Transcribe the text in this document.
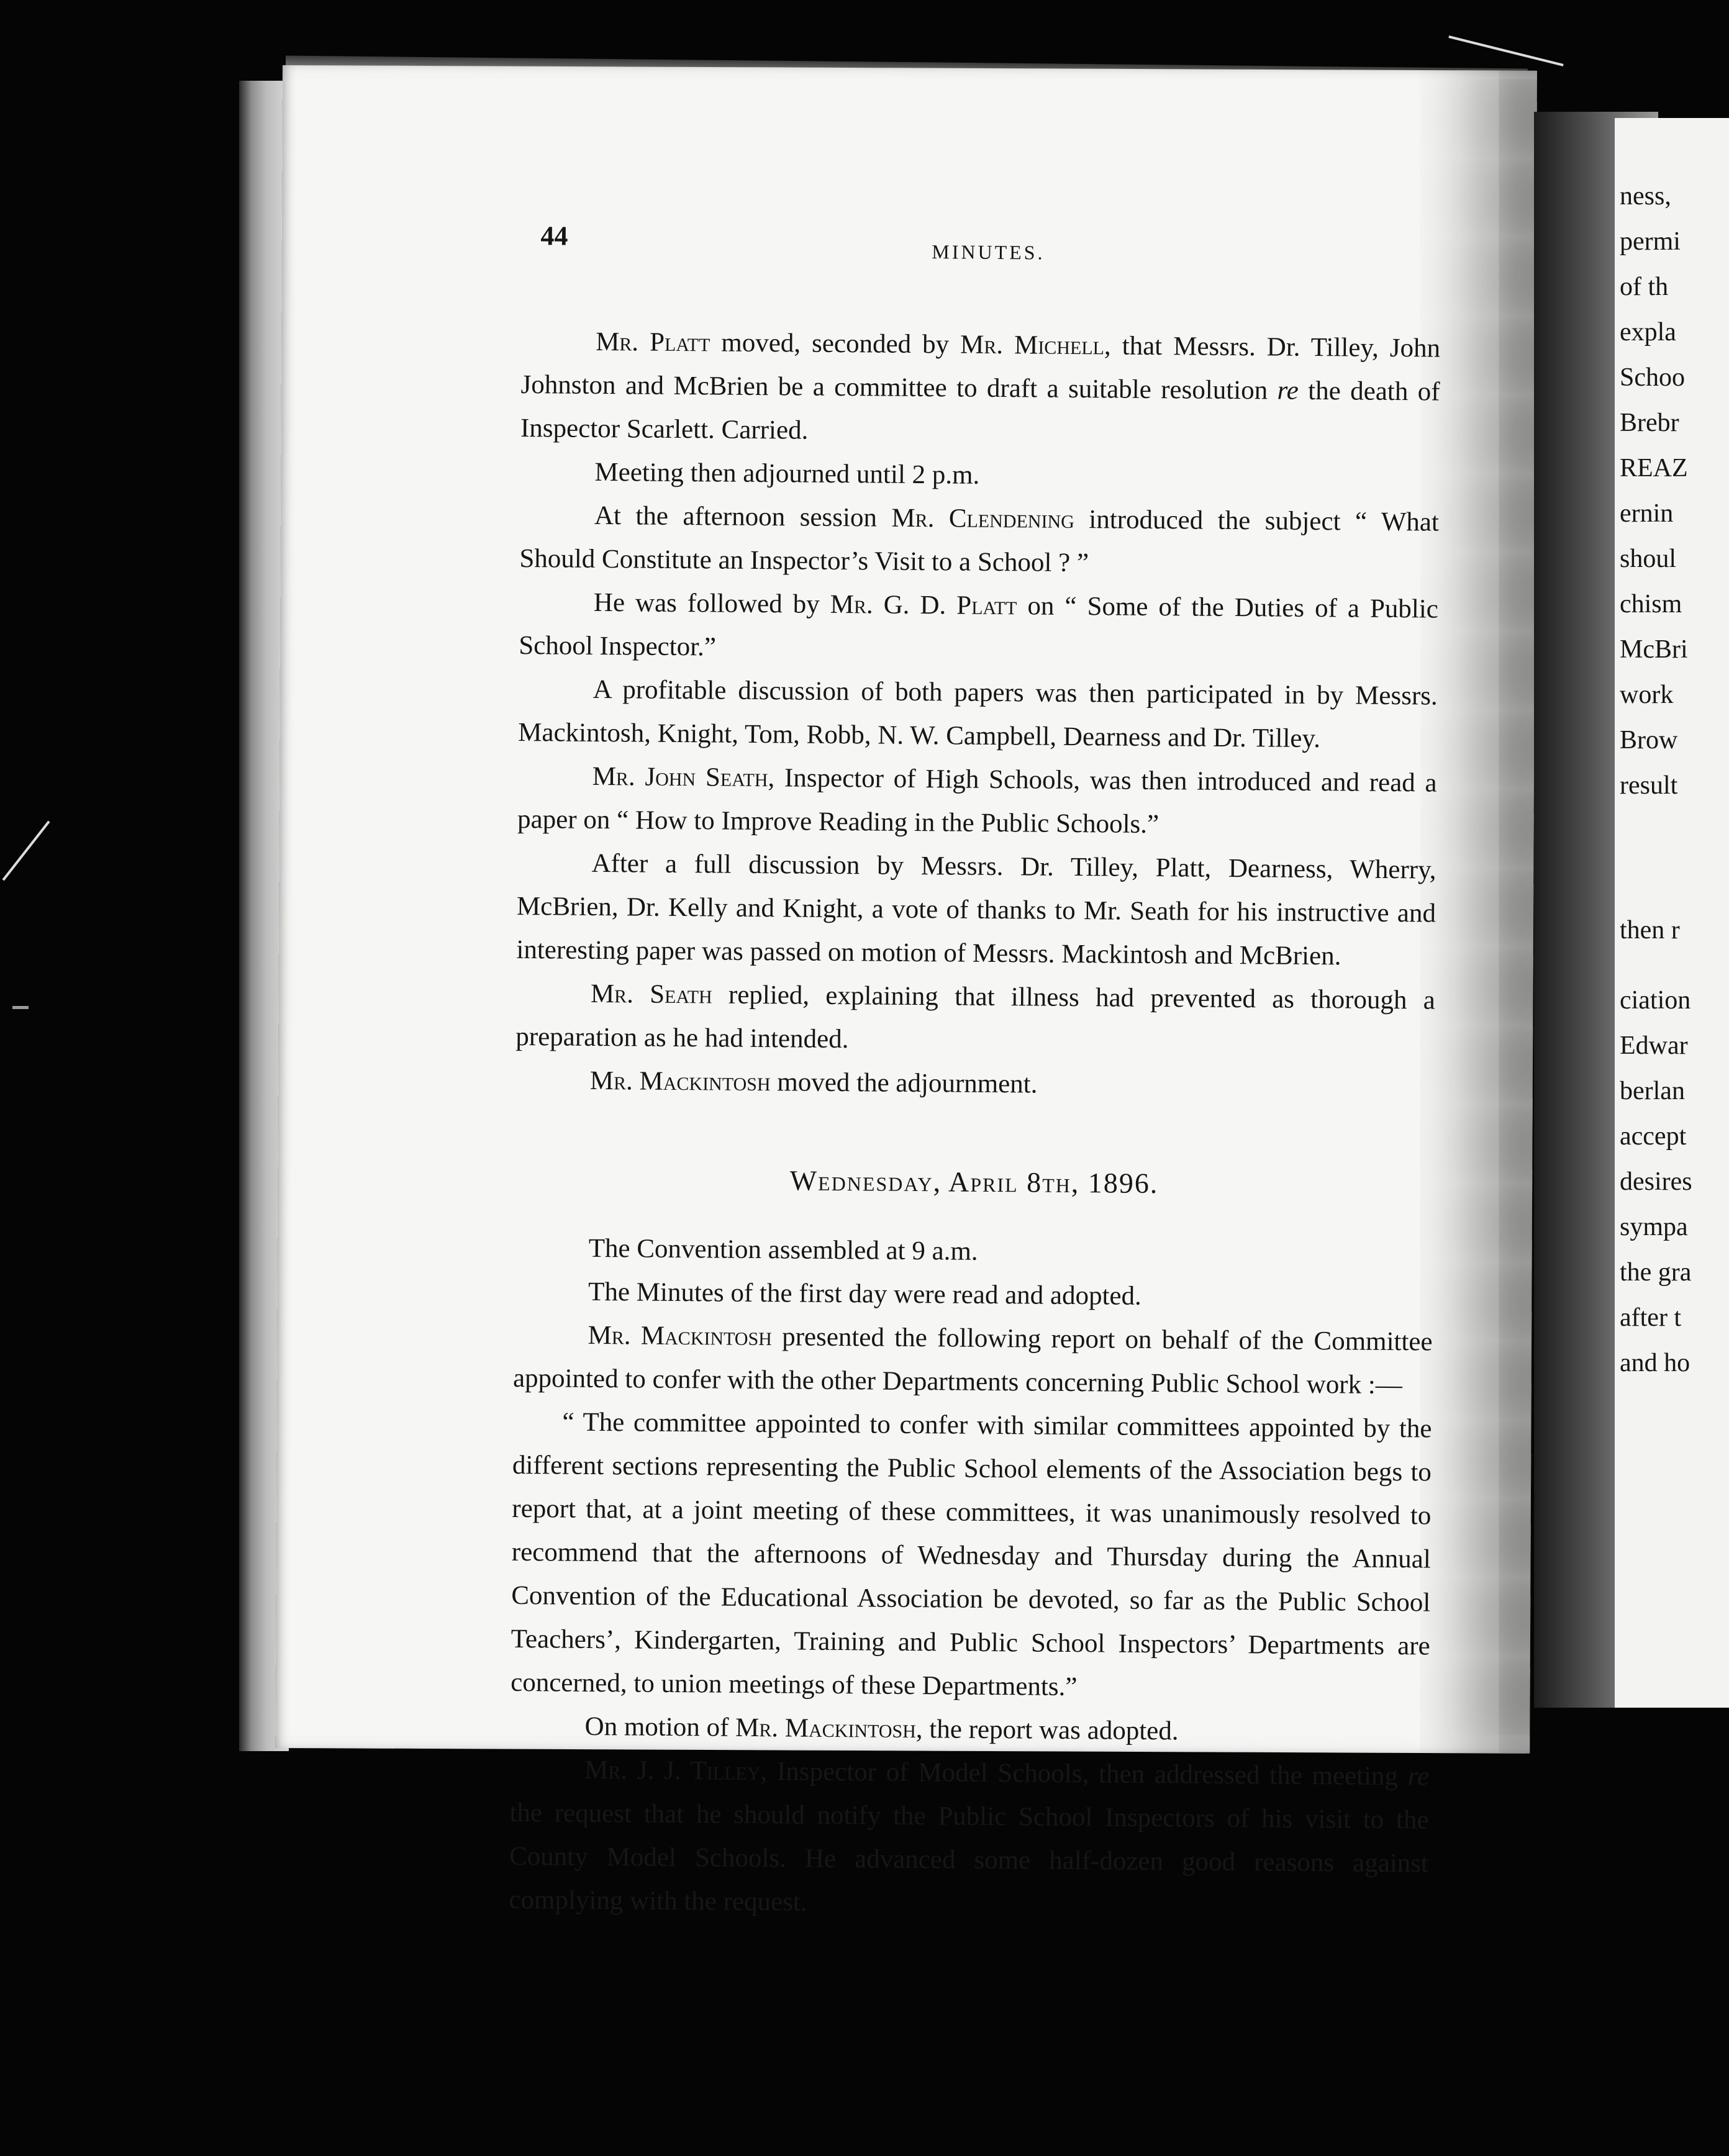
ness,
permi
of th
expla
Schoo
Brebr
REAZ
ernin
shoul
chism
McBri
work
Brow
result
then r
ciation
Edwar
berlan
accept
desires
sympa
the gra
after t
and ho
44
MINUTES.

Mr. Platt moved, seconded by Mr. Michell, that Messrs. Dr. Tilley, John Johnston and McBrien be a committee to draft a suitable resolution re the death of Inspector Scarlett. Carried.

Meeting then adjourned until 2 p.m.

At the afternoon session Mr. Clendening introduced the subject “ What Should Constitute an Inspector’s Visit to a School ? ”

He was followed by Mr. G. D. Platt on “ Some of the Duties of a Public School Inspector.”

A profitable discussion of both papers was then participated in by Messrs. Mackintosh, Knight, Tom, Robb, N. W. Campbell, Dearness and Dr. Tilley.

Mr. John Seath, Inspector of High Schools, was then introduced and read a paper on “ How to Improve Reading in the Public Schools.”

After a full discussion by Messrs. Dr. Tilley, Platt, Dearness, Wherry, McBrien, Dr. Kelly and Knight, a vote of thanks to Mr. Seath for his instructive and interesting paper was passed on motion of Messrs. Mackintosh and McBrien.

Mr. Seath replied, explaining that illness had prevented as thorough a preparation as he had intended.

Mr. Mackintosh moved the adjournment.

Wednesday, April 8th, 1896.

The Convention assembled at 9 a.m.

The Minutes of the first day were read and adopted.

Mr. Mackintosh presented the following report on behalf of the Committee appointed to confer with the other Departments concerning Public School work :—

“ The committee appointed to confer with similar committees appointed by the different sections representing the Public School elements of the Association begs to report that, at a joint meeting of these committees, it was unanimously resolved to recommend that the afternoons of Wednesday and Thursday during the Annual Convention of the Educational Association be devoted, so far as the Public School Teachers’, Kindergarten, Training and Public School Inspectors’ Departments are concerned, to union meetings of these Departments.”

On motion of Mr. Mackintosh, the report was adopted.

Mr. J. J. Tilley, Inspector of Model Schools, then addressed the meeting re the request that he should notify the Public School Inspectors of his visit to the County Model Schools. He advanced some half-dozen good reasons against complying with the request.
